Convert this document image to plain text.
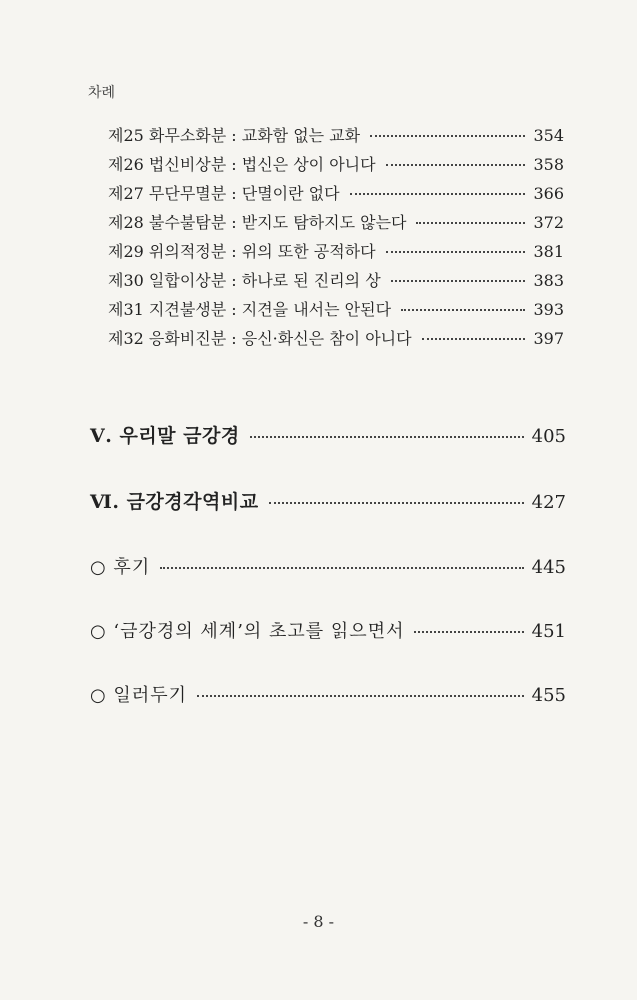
차례
제25 화무소화분 : 교화함 없는 교화	354
제26 법신비상분 : 법신은 상이 아니다	358
제27 무단무멸분 : 단멸이란 없다	366
제28 불수불탐분 : 받지도 탐하지도 않는다	372
제29 위의적정분 : 위의 또한 공적하다	381
제30 일합이상분 : 하나로 된 진리의 상	383
제31 지견불생분 : 지견을 내서는 안된다	393
제32 응화비진분 : 응신·화신은 참이 아니다	397
Ⅴ. 우리말 금강경	405
Ⅵ. 금강경각역비교	427
○ 후기	445
○ ‘금강경의 세계’의 초고를 읽으면서	451
○ 일러두기	455
- 8 -
